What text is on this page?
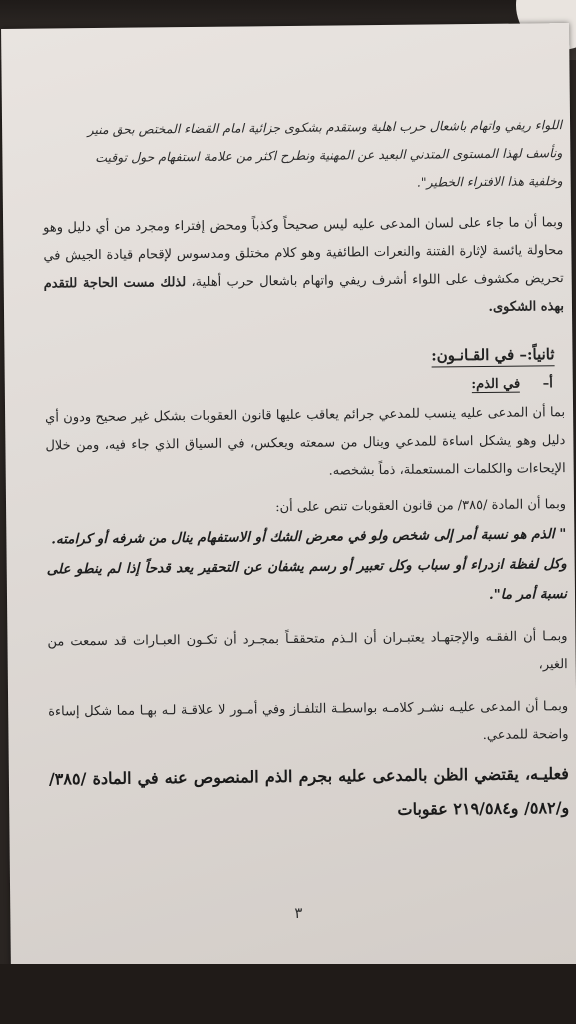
اللواء ريفي واتهام باشعال حرب اهلية وستقدم بشكوى جزائية امام القضاء المختص بحق منير

ونأسف لهذا المستوى المتدني البعيد عن المهنية ونطرح اكثر من علامة استفهام حول توقيت

وخلفية هذا الافتراء الخطير".

وبما أن ما جاء على لسان المدعى عليه ليس صحيحاً وكذباً ومحض إفتراء ومجرد من أي دليل وهو محاولة يائسة لإثارة الفتنة والنعرات الطائفية وهو كلام مختلق ومدسوس لإقحام قيادة الجيش في تحريض مكشوف على اللواء أشرف ريفي واتهام باشعال حرب أهلية، لذلك مست الحاجة للتقدم بهذه الشكوى.

ثانياً:– في القـانـون:
أ– في الذم:

بما أن المدعى عليه ينسب للمدعي جرائم يعاقب عليها قانون العقوبات بشكل غير صحيح ودون أي دليل وهو يشكل اساءة للمدعي وينال من سمعته ويعكس، في السياق الذي جاء فيه، ومن خلال الإيحاءات والكلمات المستعملة، ذماً بشخصه.

وبما أن المادة /٣٨٥/ من قانون العقوبات تنص على أن:

" الذم هو نسبة أمر إلى شخص ولو في معرض الشك أو الاستفهام ينال من شرفه أو كرامته.

وكل لفظة ازدراء أو سباب وكل تعبير أو رسم يشفان عن التحقير يعد قدحاً إذا لم ينطو على نسبة أمر ما".

وبمـا أن الفقـه والإجتهـاد يعتبـران أن الـذم متحققـاً بمجـرد أن تكـون العبـارات قد سمعت من الغير،

وبمـا أن المدعى عليـه نشـر كلامـه بواسطـة التلفـاز وفي أمـور لا علاقـة لـه بهـا مما شكل إساءة واضحة للمدعي.

فعليـه، يقتضي الظن بالمدعى عليه بجرم الذم المنصوص عنه في المادة /٣٨٥/ و/٥٨٢/ و٢١٩/٥٨٤ عقوبات

٣
